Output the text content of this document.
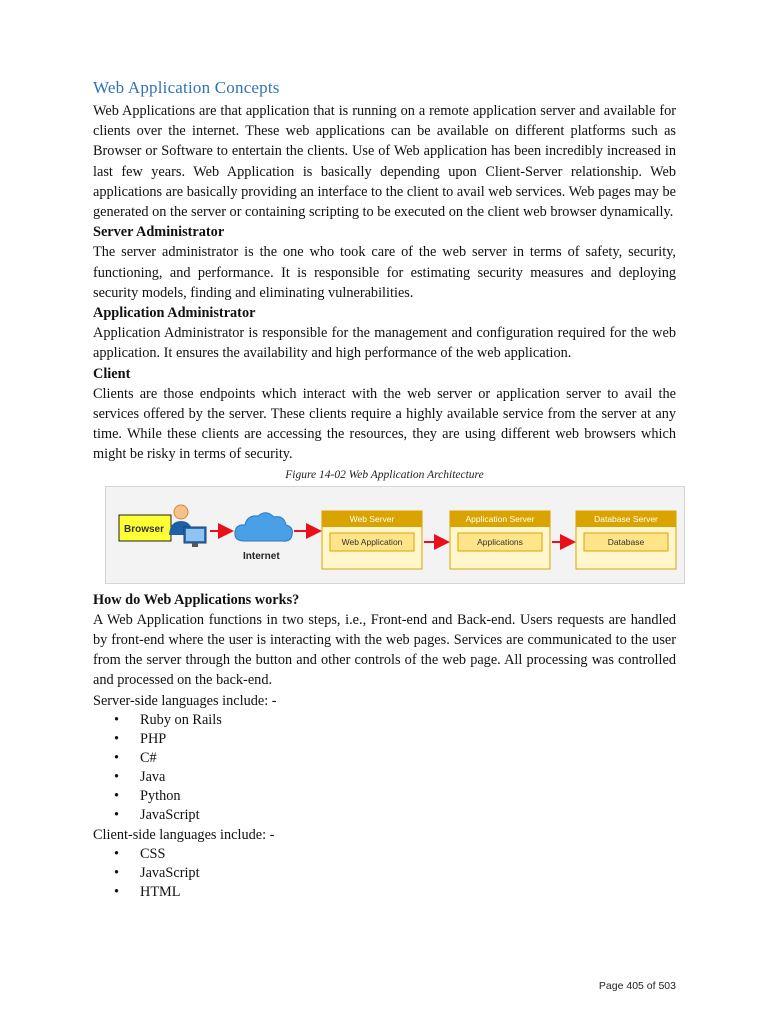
Web Application Concepts

Web Applications are that application that is running on a remote application server and available for clients over the internet. These web applications can be available on different platforms such as Browser or Software to entertain the clients. Use of Web application has been incredibly increased in last few years. Web Application is basically depending upon Client-Server relationship. Web applications are basically providing an interface to the client to avail web services. Web pages may be generated on the server or containing scripting to be executed on the client web browser dynamically.

Server Administrator

The server administrator is the one who took care of the web server in terms of safety, security, functioning, and performance. It is responsible for estimating security measures and deploying security models, finding and eliminating vulnerabilities.

Application Administrator

Application Administrator is responsible for the management and configuration required for the web application. It ensures the availability and high performance of the web application.

Client

Clients are those endpoints which interact with the web server or application server to avail the services offered by the server. These clients require a highly available service from the server at any time. While these clients are accessing the resources, they are using different web browsers which might be risky in terms of security.

Figure 14-02 Web Application Architecture
Browser
Internet
Web Server
Web Application
Application Server
Applications
Database Server
Database
How do Web Applications works?

A Web Application functions in two steps, i.e., Front-end and Back-end. Users requests are handled by front-end where the user is interacting with the web pages. Services are communicated to the user from the server through the button and other controls of the web page. All processing was controlled and processed on the back-end.

Server-side languages include: -

• Ruby on Rails
• PHP
• C#
• Java
• Python
• JavaScript

Client-side languages include: -

• CSS
• JavaScript
• HTML
Page 405 of 503
